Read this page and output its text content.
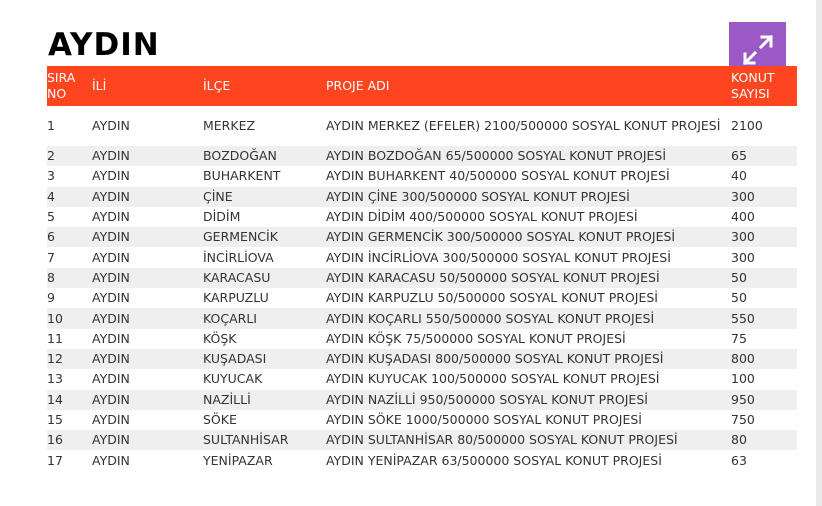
AYDIN
SIRA NO	İLİ	İLÇE	PROJE ADI	KONUT SAYISI
1	AYDIN	MERKEZ	AYDIN MERKEZ (EFELER) 2100/500000 SOSYAL KONUT PROJESİ	2100
2	AYDIN	BOZDOĞAN	AYDIN BOZDOĞAN 65/500000 SOSYAL KONUT PROJESİ	65
3	AYDIN	BUHARKENT	AYDIN BUHARKENT 40/500000 SOSYAL KONUT PROJESİ	40
4	AYDIN	ÇİNE	AYDIN ÇİNE 300/500000 SOSYAL KONUT PROJESİ	300
5	AYDIN	DİDİM	AYDIN DİDİM 400/500000 SOSYAL KONUT PROJESİ	400
6	AYDIN	GERMENCİK	AYDIN GERMENCİK 300/500000 SOSYAL KONUT PROJESİ	300
7	AYDIN	İNCİRLİOVA	AYDIN İNCİRLİOVA 300/500000 SOSYAL KONUT PROJESİ	300
8	AYDIN	KARACASU	AYDIN KARACASU 50/500000 SOSYAL KONUT PROJESİ	50
9	AYDIN	KARPUZLU	AYDIN KARPUZLU 50/500000 SOSYAL KONUT PROJESİ	50
10	AYDIN	KOÇARLI	AYDIN KOÇARLI 550/500000 SOSYAL KONUT PROJESİ	550
11	AYDIN	KÖŞK	AYDIN KÖŞK 75/500000 SOSYAL KONUT PROJESİ	75
12	AYDIN	KUŞADASI	AYDIN KUŞADASI 800/500000 SOSYAL KONUT PROJESİ	800
13	AYDIN	KUYUCAK	AYDIN KUYUCAK 100/500000 SOSYAL KONUT PROJESİ	100
14	AYDIN	NAZİLLİ	AYDIN NAZİLLİ 950/500000 SOSYAL KONUT PROJESİ	950
15	AYDIN	SÖKE	AYDIN SÖKE 1000/500000 SOSYAL KONUT PROJESİ	750
16	AYDIN	SULTANHİSAR	AYDIN SULTANHİSAR 80/500000 SOSYAL KONUT PROJESİ	80
17	AYDIN	YENİPAZAR	AYDIN YENİPAZAR 63/500000 SOSYAL KONUT PROJESİ	63
